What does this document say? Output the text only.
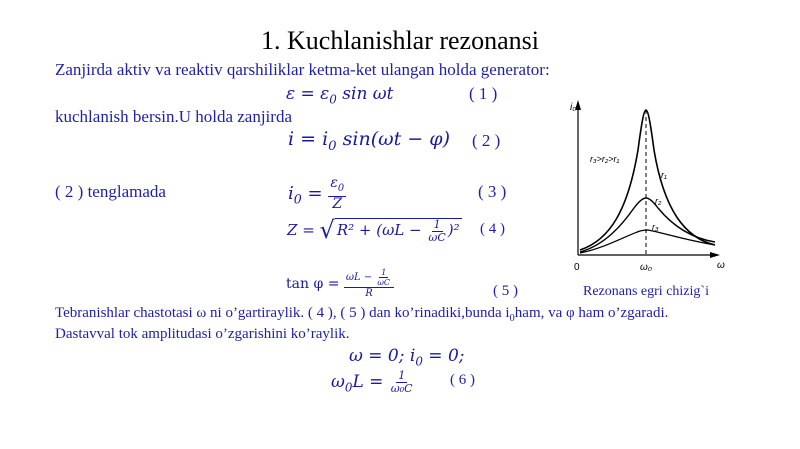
1. Kuchlanishlar rezonansi
Zanjirda aktiv va reaktiv qarshiliklar ketma-ket ulangan holda generator:
$\varepsilon = \varepsilon_0$ sin ωt	( 1 )
kuchlanish bersin.U holda zanjirda
$i = i_0$ sin(ωt − φ) ( 2 )
( 2 ) tenglamada	$i_0 = \frac{\varepsilon_0}{Z}$	( 3 )
Z = √ $R^2 + (\omega L - \frac{1}{\omega C} )^2$ ( 4 )
$\tan \varphi = \frac{\omega L - \frac{1}{\omega C}}{R}$	( 5 )	Rezonans egri chizig`i
Tebranishlar chastotasi ω ni o’gartiraylik. ( 4 ), ( 5 ) dan ko’rinadiki,bunda $i_0ham$, va φ ham o’zgaradi.
Dastavval tok amplitudasi o’zgarishini ko’raylik.
ω = 0; $i_0 = 0$;
$\omega_0L = \frac{1}{\text{ω₀C}}$ ( 6 )
i₀
ω
0	ω₀
r₃>r₂>r₁
r₁
r₂
r₃
